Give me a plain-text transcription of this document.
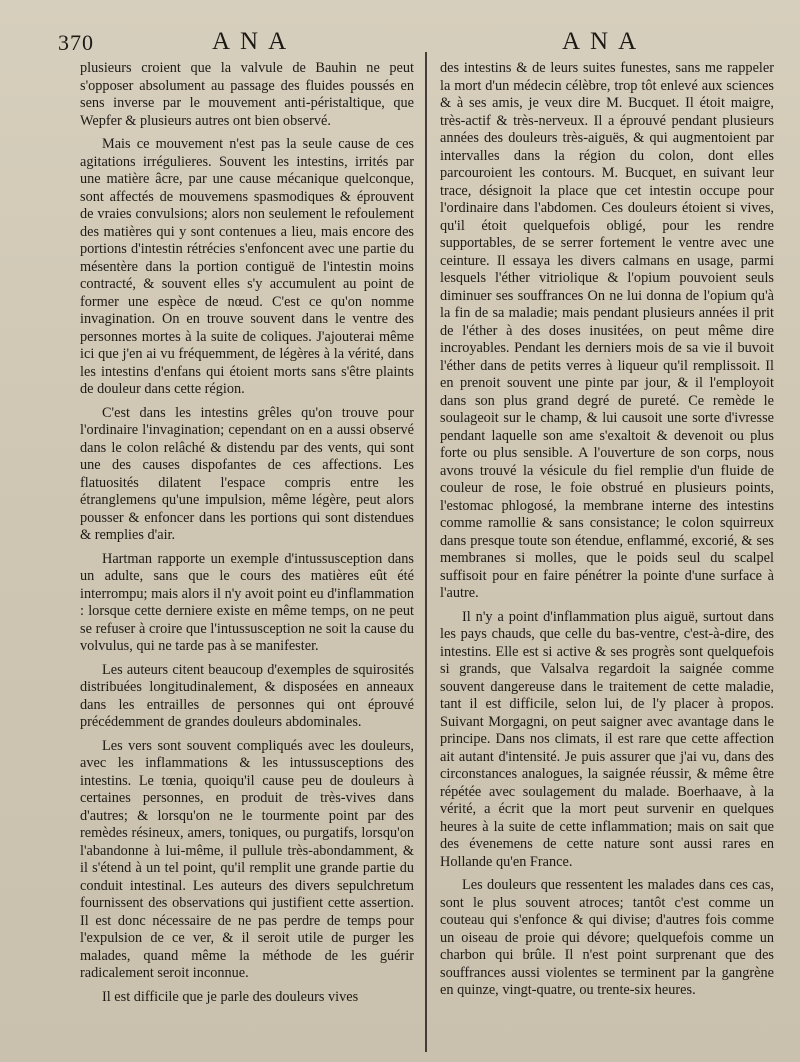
370	ANA	ANA

plusieurs croient que la valvule de Bauhin ne peut s'opposer absolument au passage des fluides poussés en sens inverse par le mouvement anti-péristaltique, que Wepfer & plusieurs autres ont bien observé.

Mais ce mouvement n'est pas la seule cause de ces agitations irrégulieres. Souvent les intestins, irrités par une matière âcre, par une cause mécanique quelconque, sont affectés de mouvemens spasmodiques & éprouvent de vraies convulsions; alors non seulement le refoulement des matières qui y sont contenues a lieu, mais encore des portions d'intestin rétrécies s'enfoncent avec une partie du mésentère dans la portion contiguë de l'intestin moins contracté, & souvent elles s'y accumulent au point de former une espèce de nœud. C'est ce qu'on nomme invagination. On en trouve souvent dans le ventre des personnes mortes à la suite de coliques. J'ajouterai même ici que j'en ai vu fréquemment, de légères à la vérité, dans les intestins d'enfans qui étoient morts sans s'être plaints de douleur dans cette région.

C'est dans les intestins grêles qu'on trouve pour l'ordinaire l'invagination; cependant on en a aussi observé dans le colon relâché & distendu par des vents, qui sont une des causes dispofantes de ces affections. Les flatuosités dilatent l'espace compris entre les étranglemens qu'une impulsion, même légère, peut alors pousser & enfoncer dans les portions qui sont distendues & remplies d'air.

Hartman rapporte un exemple d'intussusception dans un adulte, sans que le cours des matières eût été interrompu; mais alors il n'y avoit point eu d'inflammation : lorsque cette derniere existe en même temps, on ne peut se refuser à croire que l'intussusception ne soit la cause du volvulus, qui ne tarde pas à se manifester.

Les auteurs citent beaucoup d'exemples de squirosités distribuées longitudinalement, & disposées en anneaux dans les entrailles de personnes qui ont éprouvé précédemment de grandes douleurs abdominales.

Les vers sont souvent compliqués avec les douleurs, avec les inflammations & les intussusceptions des intestins. Le tœnia, quoiqu'il cause peu de douleurs à certaines personnes, en produit de très-vives dans d'autres; & lorsqu'on ne le tourmente point par des remèdes résineux, amers, toniques, ou purgatifs, lorsqu'on l'abandonne à lui-même, il pullule très-abondamment, & il s'étend à un tel point, qu'il remplit une grande partie du conduit intestinal. Les auteurs des divers sepulchretum fournissent des observations qui justifient cette assertion. Il est donc nécessaire de ne pas perdre de temps pour l'expulsion de ce ver, & il seroit utile de purger les malades, quand même la méthode de les guérir radicalement seroit inconnue.

Il est difficile que je parle des douleurs vives

des intestins & de leurs suites funestes, sans me rappeler la mort d'un médecin célèbre, trop tôt enlevé aux sciences & à ses amis, je veux dire M. Bucquet. Il étoit maigre, très-actif & très-nerveux. Il a éprouvé pendant plusieurs années des douleurs très-aiguës, & qui augmentoient par intervalles dans la région du colon, dont elles parcouroient les contours. M. Bucquet, en suivant leur trace, désignoit la place que cet intestin occupe pour l'ordinaire dans l'abdomen. Ces douleurs étoient si vives, qu'il étoit quelquefois obligé, pour les rendre supportables, de se serrer fortement le ventre avec une ceinture. Il essaya les divers calmans en usage, parmi lesquels l'éther vitriolique & l'opium pouvoient seuls diminuer ses souffrances On ne lui donna de l'opium qu'à la fin de sa maladie; mais pendant plusieurs années il prit de l'éther à des doses inusitées, on peut même dire incroyables. Pendant les derniers mois de sa vie il buvoit l'éther dans de petits verres à liqueur qu'il remplissoit. Il en prenoit souvent une pinte par jour, & il l'employoit dans son plus grand degré de pureté. Ce remède le soulageoit sur le champ, & lui causoit une sorte d'ivresse pendant laquelle son ame s'exaltoit & devenoit ou plus forte ou plus sensible. A l'ouverture de son corps, nous avons trouvé la vésicule du fiel remplie d'un fluide de couleur de rose, le foie obstrué en plusieurs points, l'estomac phlogosé, la membrane interne des intestins comme ramollie & sans consistance; le colon squirreux dans presque toute son étendue, enflammé, excorié, & ses membranes si molles, que le poids seul du scalpel suffisoit pour en faire pénétrer la pointe d'une surface à l'autre.

Il n'y a point d'inflammation plus aiguë, surtout dans les pays chauds, que celle du bas-ventre, c'est-à-dire, des intestins. Elle est si active & ses progrès sont quelquefois si grands, que Valsalva regardoit la saignée comme souvent dangereuse dans le traitement de cette maladie, tant il est difficile, selon lui, de l'y placer à propos. Suivant Morgagni, on peut saigner avec avantage dans le principe. Dans nos climats, il est rare que cette affection ait autant d'intensité. Je puis assurer que j'ai vu, dans des circonstances analogues, la saignée réussir, & même être répétée avec soulagement du malade. Boerhaave, à la vérité, a écrit que la mort peut survenir en quelques heures à la suite de cette inflammation; mais on sait que des évenemens de cette nature sont aussi rares en Hollande qu'en France.

Les douleurs que ressentent les malades dans ces cas, sont le plus souvent atroces; tantôt c'est comme un couteau qui s'enfonce & qui divise; d'autres fois comme un oiseau de proie qui dévore; quelquefois comme un charbon qui brûle. Il n'est point surprenant que des souffrances aussi violentes se terminent par la gangrène en quinze, vingt-quatre, ou trente-six heures.
